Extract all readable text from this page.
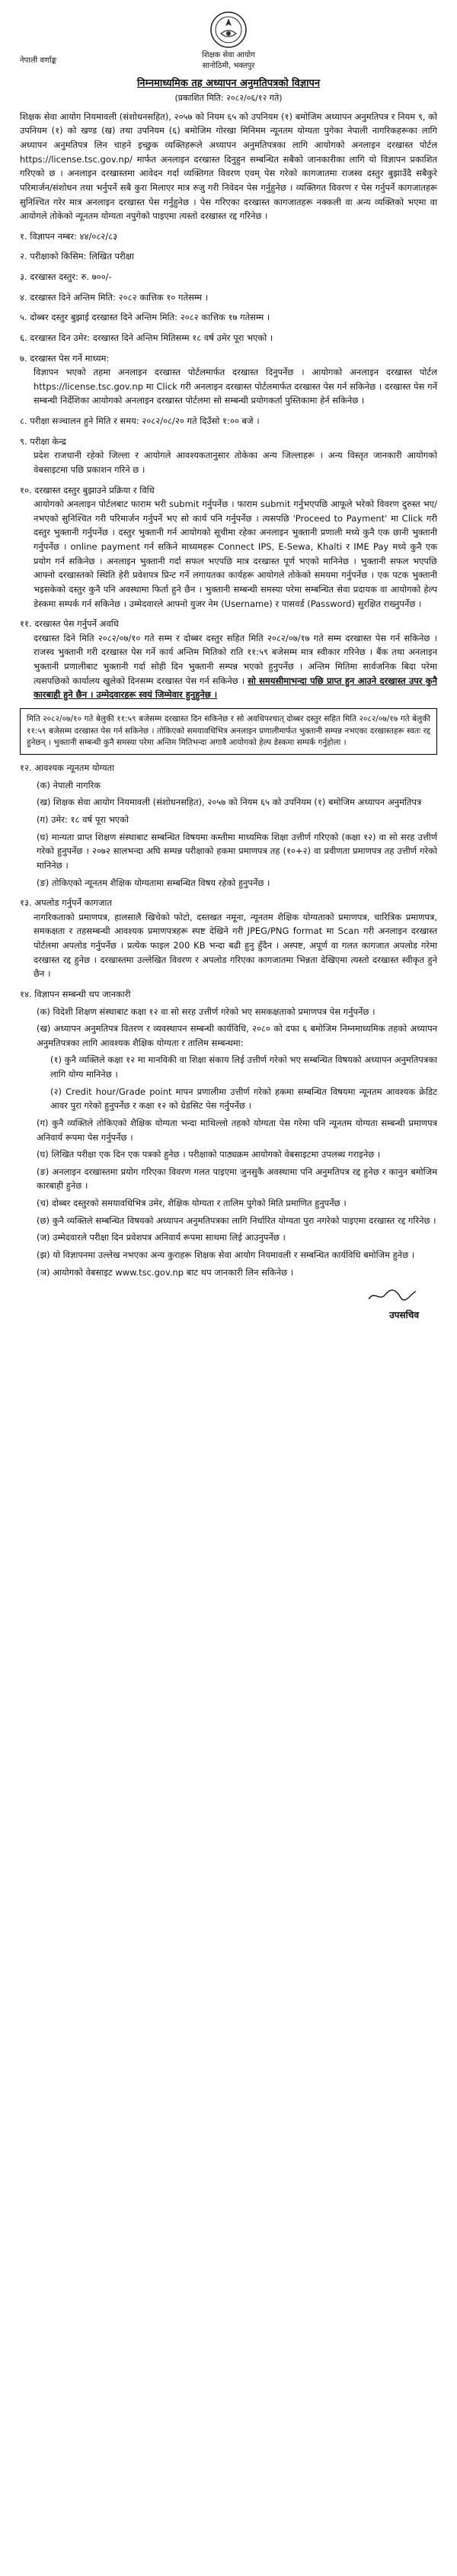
शिक्षक सेवा आयोग
सानोठिमी, भक्तपुर
नेपाली वर्णाङ्क
निम्नमाध्यमिक तह अध्यापन अनुमतिपत्रको विज्ञापन
(प्रकाशित मिति: २०८२/०६/१२ गते)

शिक्षक सेवा आयोग नियमावली (संशोधनसहित), २०५७ को नियम ६५ को उपनियम (१) बमोजिम अध्यापन अनुमतिपत्र र नियम ९, को उपनियम (१) को खण्ड (ख) तथा उपनियम (६) बमोजिम गोरखा मिनिमम न्यूनतम योग्यता पुगेका नेपाली नागरिकहरूका लागि अध्यापन अनुमतिपत्र लिन चाहने इच्छुक व्यक्तिहरूले अध्यापन अनुमतिपत्रका लागि आयोगको अनलाइन दरखास्त पोर्टल https://license.tsc.gov.np/ मार्फत अनलाइन दरखास्त दिनुहुन सम्बन्धित सबैको जानकारीका लागि यो विज्ञापन प्रकाशित गरिएको छ । अनलाइन दरखास्तमा आवेदन गर्दा व्यक्तिगत विवरण एवम् पेस गरेको कागजातमा राजस्व दस्तुर बुझाउँदै सबैकुरे परिमार्जन/संशोधन तथा भर्नुपर्ने सबै कुरा मिलाएर मात्र रुजु गरी निवेदन पेस गर्नुहुनेछ । व्यक्तिगत विवरण र पेस गर्नुपर्ने कागजातहरू सुनिश्चित गरेर मात्र अनलाइन दरखास्त पेस गर्नुहुनेछ । पेस गरिएका दरखास्त कागजातहरू नक्कली वा अन्य व्यक्तिको भएमा वा आयोगले तोकेको न्यूनतम योग्यता नपुगेको पाइएमा त्यस्तो दरखास्त रद्द गरिनेछ ।

१. विज्ञापन नम्बर: ४४/०८२/८३
२. परीक्षाको किसिम: लिखित परीक्षा
३. दरखास्त दस्तुर: रु. ७००/-
४. दरखास्त दिने अन्तिम मिति: २०८२ कात्तिक १० गतेसम्म ।
५. दोब्बर दस्तुर बुझाई दरखास्त दिने अन्तिम मिति: २०८२ कात्तिक १७ गतेसम्म ।
६. दरखास्त दिन उमेर: दरखास्त दिने अन्तिम मितिसम्म १८ वर्ष उमेर पूरा भएको ।
७. दरखास्त पेस गर्ने माध्यम:

विज्ञापन भएको तहमा अनलाइन दरखास्त पोर्टलमार्फत दरखास्त दिनुपर्नेछ । आयोगको अनलाइन दरखास्त पोर्टल https://license.tsc.gov.np मा Click गरी अनलाइन दरखास्त पोर्टलमार्फत दरखास्त पेस गर्न सकिनेछ । दरखास्त पेस गर्ने सम्बन्धी निर्देशिका आयोगको अनलाइन दरखास्त पोर्टलमा सो सम्बन्धी प्रयोगकर्ता पुस्तिकामा हेर्न सकिनेछ ।

८. परीक्षा सञ्चालन हुने मिति र समय: २०८२/०८/२० गते दिउँसो १:०० बजे ।
९. परीक्षा केन्द्र

प्रदेश राजधानी रहेको जिल्ला र आयोगले आवश्यकतानुसार तोकेका अन्य जिल्लाहरू । अन्य विस्तृत जानकारी आयोगको वेबसाइटमा पछि प्रकाशन गरिने छ ।

१०. दरखास्त दस्तुर बुझाउने प्रक्रिया र विधि

आयोगको अनलाइन पोर्टलबाट फाराम भरी submit गर्नुपर्नेछ । फाराम submit गर्नुभएपछि आफूले भरेको विवरण दुरुस्त भए/नभएको सुनिश्चित गरी परिमार्जन गर्नुपर्ने भए सो कार्य पनि गर्नुपर्नेछ । त्यसपछि 'Proceed to Payment' मा Click गरी दस्तुर भुक्तानी गर्नुपर्नेछ । दस्तुर भुक्तानी गर्न आयोगको सूचीमा रहेका अनलाइन भुक्तानी प्रणाली मध्ये कुनै एक छानी भुक्तानी गर्नुपर्नेछ । online payment गर्न सकिने माध्यमहरू Connect IPS, E-Sewa, Khalti र IME Pay मध्ये कुनै एक प्रयोग गर्न सकिनेछ । अनलाइन भुक्तानी गर्दा सफल भएपछि मात्र दरखास्त पूर्ण भएको मानिनेछ । भुक्तानी सफल भएपछि आफ्नो दरखास्तको स्थिति हेरी प्रवेशपत्र प्रिन्ट गर्ने लगायतका कार्यहरू आयोगले तोकेको समयमा गर्नुपर्नेछ । एक पटक भुक्तानी भइसकेको दस्तुर कुनै पनि अवस्थामा फिर्ता हुने छैन । भुक्तानी सम्बन्धी समस्या परेमा सम्बन्धित सेवा प्रदायक वा आयोगको हेल्प डेस्कमा सम्पर्क गर्न सकिनेछ । उम्मेदवारले आफ्नो युजर नेम (Username) र पासवर्ड (Password) सुरक्षित राख्नुपर्नेछ ।

११. दरखास्त पेस गर्नुपर्ने अवधि

दरखास्त दिने मिति २०८२/०७/१० गते सम्म र दोब्बर दस्तुर सहित मिति २०८२/०७/१७ गते सम्म दरखास्त पेस गर्न सकिनेछ । राजस्व भुक्तानी गरी दरखास्त पेस गर्ने कार्य अन्तिम मितिको राति ११:५९ बजेसम्म मात्र स्वीकार गरिनेछ । बैंक तथा अनलाइन भुक्तानी प्रणालीबाट भुक्तानी गर्दा सोही दिन भुक्तानी सम्पन्न भएको हुनुपर्नेछ । अन्तिम मितिमा सार्वजनिक बिदा परेमा त्यसपछिको कार्यालय खुलेको दिनसम्म दरखास्त पेस गर्न सकिनेछ । सो समयसीमाभन्दा पछि प्राप्त हुन आउने दरखास्त उपर कुनै कारबाही हुने छैन । उम्मेदवारहरू स्वयं जिम्मेवार हुनुहुनेछ ।

मिति २०८२/०७/१० गते बेलुकी ११:५९ बजेसम्म दरखास्त दिन सकिनेछ र सो अवधिपश्चात् दोब्बर दस्तुर सहित मिति २०८२/०७/१७ गते बेलुकी ११:५९ बजेसम्म दरखास्त पेस गर्न सकिनेछ । तोकिएको समयावधिभित्र अनलाइन प्रणालीमार्फत भुक्तानी सम्पन्न नभएका दरखास्तहरू स्वतः रद्द हुनेछन् । भुक्तानी सम्बन्धी कुनै समस्या परेमा अन्तिम मितिभन्दा अगावै आयोगको हेल्प डेस्कमा सम्पर्क गर्नुहोला ।
१२. आवश्यक न्यूनतम योग्यता
(क) नेपाली नागरिक
(ख) शिक्षक सेवा आयोग नियमावली (संशोधनसहित), २०५७ को नियम ६५ को उपनियम (१) बमोजिम अध्यापन अनुमतिपत्र
(ग) उमेर: १८ वर्ष पूरा भएको
(घ) मान्यता प्राप्त शिक्षण संस्थाबाट सम्बन्धित विषयमा कम्तीमा माध्यमिक शिक्षा उत्तीर्ण गरिएको (कक्षा १२) वा सो सरह उत्तीर्ण गरेको हुनुपर्नेछ । २०७२ सालभन्दा अघि सम्पन्न परीक्षाको हकमा प्रमाणपत्र तह (१०+२) वा प्रवीणता प्रमाणपत्र तह उत्तीर्ण गरेको मानिनेछ ।
(ङ) तोकिएको न्यूनतम शैक्षिक योग्यतामा सम्बन्धित विषय रहेको हुनुपर्नेछ ।
१३. अपलोड गर्नुपर्ने कागजात

नागरिकताको प्रमाणपत्र, हालसालै खिचेको फोटो, दस्तखत नमूना, न्यूनतम शैक्षिक योग्यताको प्रमाणपत्र, चारित्रिक प्रमाणपत्र, समकक्षता र तहसम्बन्धी आवश्यक प्रमाणपत्रहरू स्पष्ट देखिने गरी JPEG/PNG format मा Scan गरी अनलाइन दरखास्त पोर्टलमा अपलोड गर्नुपर्नेछ । प्रत्येक फाइल 200 KB भन्दा बढी हुनु हुँदैन । अस्पष्ट, अपूर्ण वा गलत कागजात अपलोड गरेमा दरखास्त रद्द हुनेछ । दरखास्तमा उल्लेखित विवरण र अपलोड गरिएका कागजातमा भिन्नता देखिएमा त्यस्तो दरखास्त स्वीकृत हुने छैन ।

१४. विज्ञापन सम्बन्धी थप जानकारी
(क) विदेशी शिक्षण संस्थाबाट कक्षा १२ वा सो सरह उत्तीर्ण गरेको भए समकक्षताको प्रमाणपत्र पेस गर्नुपर्नेछ ।
(ख) अध्यापन अनुमतिपत्र वितरण र व्यवस्थापन सम्बन्धी कार्यविधि, २०८० को दफा ६ बमोजिम निम्नमाध्यमिक तहको अध्यापन अनुमतिपत्रका लागि आवश्यक शैक्षिक योग्यता र तालिम सम्बन्धमा:
(१) कुनै व्यक्तिले कक्षा १२ मा मानविकी वा शिक्षा संकाय लिई उत्तीर्ण गरेको भए सम्बन्धित विषयको अध्यापन अनुमतिपत्रका लागि योग्य मानिनेछ ।
(२) Credit hour/Grade point मापन प्रणालीमा उत्तीर्ण गरेको हकमा सम्बन्धित विषयमा न्यूनतम आवश्यक क्रेडिट आवर पुरा गरेको हुनुपर्नेछ र कक्षा १२ को ग्रेडसिट पेस गर्नुपर्नेछ ।
(ग) कुनै व्यक्तिले तोकिएको शैक्षिक योग्यता भन्दा माथिल्लो तहको योग्यता पेस गरेमा पनि न्यूनतम योग्यता सम्बन्धी प्रमाणपत्र अनिवार्य रूपमा पेस गर्नुपर्नेछ ।
(घ) लिखित परीक्षा एक दिन एक पत्रको हुनेछ । परीक्षाको पाठ्यक्रम आयोगको वेबसाइटमा उपलब्ध गराइनेछ ।
(ङ) अनलाइन दरखास्तमा प्रयोग गरिएका विवरण गलत पाइएमा जुनसुकै अवस्थामा पनि अनुमतिपत्र रद्द हुनेछ र कानुन बमोजिम कारबाही हुनेछ ।
(च) दोब्बर दस्तुरको समयावधिभित्र उमेर, शैक्षिक योग्यता र तालिम पुगेको मिति प्रमाणित हुनुपर्नेछ ।
(छ) कुनै व्यक्तिले सम्बन्धित विषयको अध्यापन अनुमतिपत्रका लागि निर्धारित योग्यता पुरा नगरेको पाइएमा दरखास्त रद्द गरिनेछ ।
(ज) उम्मेदवारले परीक्षा दिन प्रवेशपत्र अनिवार्य रूपमा साथमा लिई आउनुपर्नेछ ।
(झ) यो विज्ञापनमा उल्लेख नभएका अन्य कुराहरू शिक्षक सेवा आयोग नियमावली र सम्बन्धित कार्यविधि बमोजिम हुनेछ ।
(ञ) आयोगको वेबसाइट www.tsc.gov.np बाट थप जानकारी लिन सकिनेछ ।
उपसचिव
